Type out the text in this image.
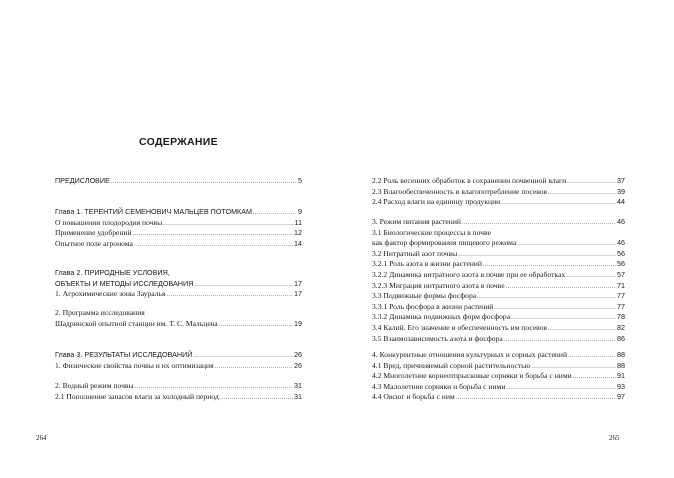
СОДЕРЖАНИЕ
ПРЕДИСЛОВИЕ .....	5
Глава 1. ТЕРЕНТИЙ СЕМЕНОВИЧ МАЛЬЦЕВ ПОТОМКАМ .....	9
О повышении плодородия почвы .....	11
Применение удобрений .....	12
Опытное поле агронома .....	14
Глава 2. ПРИРОДНЫЕ УСЛОВИЯ,
ОБЪЕКТЫ И МЕТОДЫ ИССЛЕДОВАНИЯ .....	17
1. Агрохимические зоны Зауралья .....	17
2. Программа исследования
Шадринской опытной станции им. Т. С. Мальцева .....	19
Глава 3. РЕЗУЛЬТАТЫ ИССЛЕДОВАНИЙ .....	26
1. Физические свойства почвы и их оптимизация .....	26
2. Водный режим почвы .....	31
2.1 Пополнение запасов влаги за холодный период .....	31
264
2.2 Роль весенних обработок в сохранении почвенной влаги .....	37
2.3 Влагообеспеченность и влагопотребление посевов .....	39
2.4 Расход влаги на единицу продукции .....	44
3. Режим питания растений .....	46
3.1 Биологические процессы в почве
как фактор формирования пищевого режима .....	46
3.2 Нитратный азот почвы .....	56
3.2.1 Роль азота в жизни растений .....	56
3.2.2 Динамика нитратного азота в почве при ее обработках .....	57
3.2.3 Миграция нитратного азота в почве .....	71
3.3 Подвижные формы фосфора .....	77
3.3.1 Роль фосфора в жизни растений .....	77
3.3.2 Динамика подвижных форм фосфора .....	78
3.4 Калий. Его значение и обеспеченность им посевов .....	82
3.5 Взаимозависимость азота и фосфора .....	86
4. Конкурентные отношения культурных и сорных растений .....	88
4.1 Вред, причиняемый сорной растительностью .....	88
4.2 Многолетние корнеотпрысковые сорняки и борьба с ними .....	91
4.3 Малолетние сорняки и борьба с ними .....	93
4.4 Овсюг и борьба с ним .....	97
265
